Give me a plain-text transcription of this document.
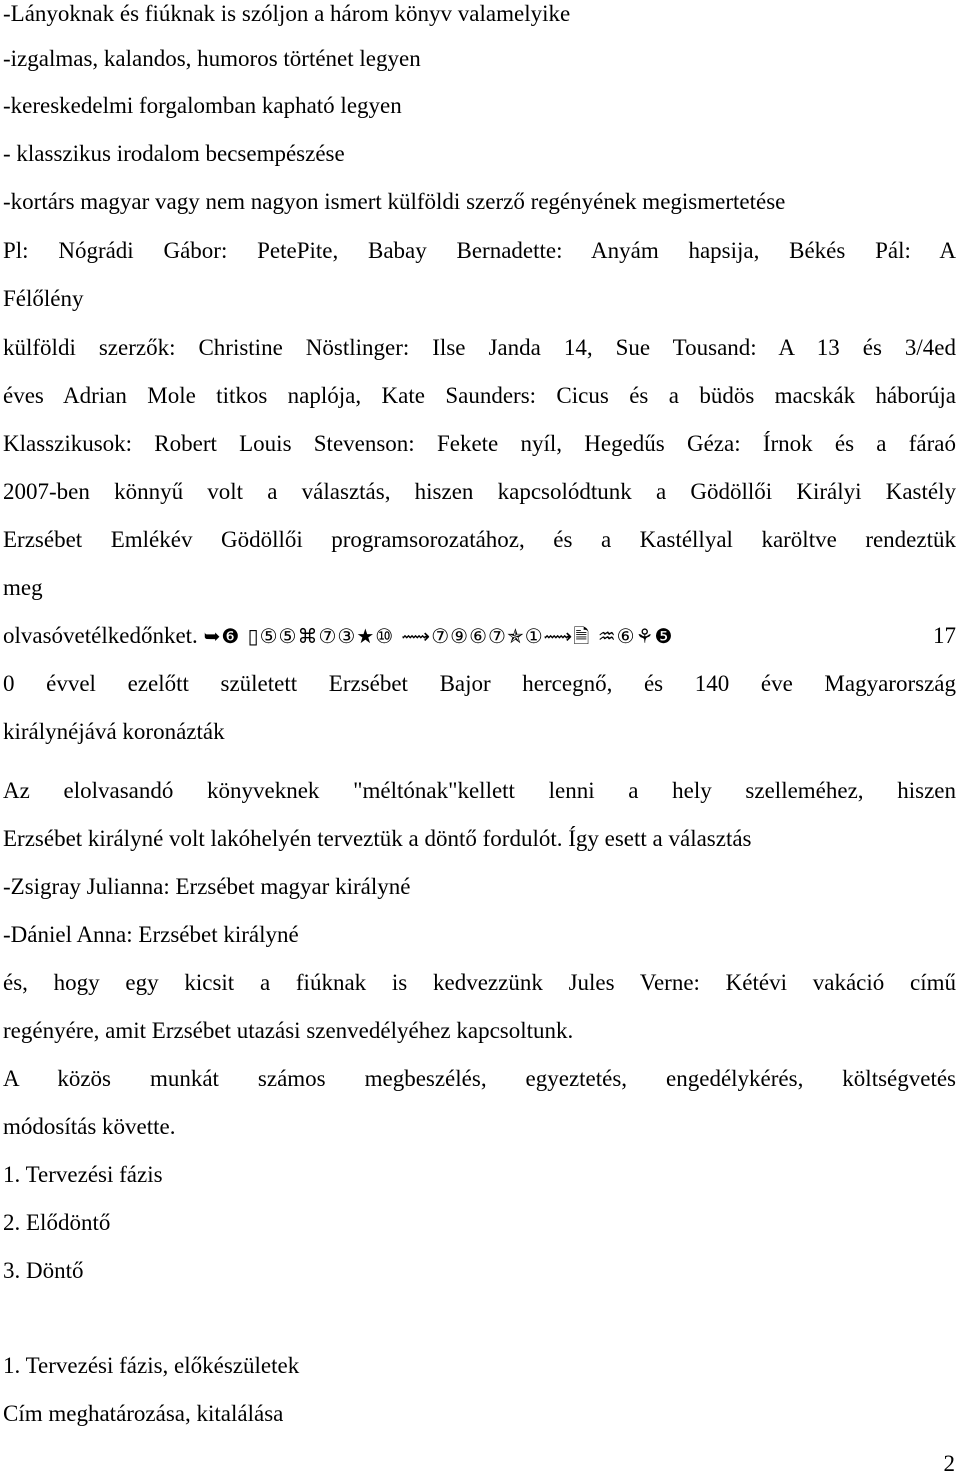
-Lányoknak és fiúknak is szóljon a három könyv valamelyike
-izgalmas, kalandos, humoros történet legyen
-kereskedelmi forgalomban kapható legyen
- klasszikus irodalom becsempészése
-kortárs magyar vagy nem nagyon ismert külföldi szerző regényének megismertetése
Pl: Nógrádi Gábor: PetePite, Babay Bernadette: Anyám hapsija, Békés Pál: A
Félőlény
külföldi szerzők: Christine Nöstlinger: Ilse Janda 14, Sue Tousand: A 13 és 3/4ed
éves Adrian Mole titkos naplója, Kate Saunders: Cicus és a büdös macskák háborúja
Klasszikusok: Robert Louis Stevenson: Fekete nyíl, Hegedűs Géza: Írnok és a fáraó
2007-ben könnyű volt a választás, hiszen kapcsolódtunk a Gödöllői Királyi Kastély
Erzsébet Emlékév Gödöllői programsorozatához, és a Kastéllyal karöltve rendeztük
meg
olvasóvetélkedőnket. ➥❻ ▯⑤⑤⌘⑦③★⑩ ⟿⑦⑨⑥⑦✯①⟿🗎 ♒⑥⚘❺	17
0 évvel ezelőtt született Erzsébet Bajor hercegnő, és 140 éve Magyarország
királynéjává koronázták
Az elolvasandó könyveknek "méltónak"kellett lenni a hely szelleméhez, hiszen
Erzsébet királyné volt lakóhelyén terveztük a döntő fordulót. Így esett a választás
-Zsigray Julianna: Erzsébet magyar királyné
-Dániel Anna: Erzsébet királyné
és, hogy egy kicsit a fiúknak is kedvezzünk Jules Verne: Kétévi vakáció című
regényére, amit Erzsébet utazási szenvedélyéhez kapcsoltunk.
A közös munkát számos megbeszélés, egyeztetés, engedélykérés, költségvetés
módosítás követte.
1. Tervezési fázis
2. Elődöntő
3. Döntő
1. Tervezési fázis, előkészületek
Cím meghatározása, kitalálása
2
